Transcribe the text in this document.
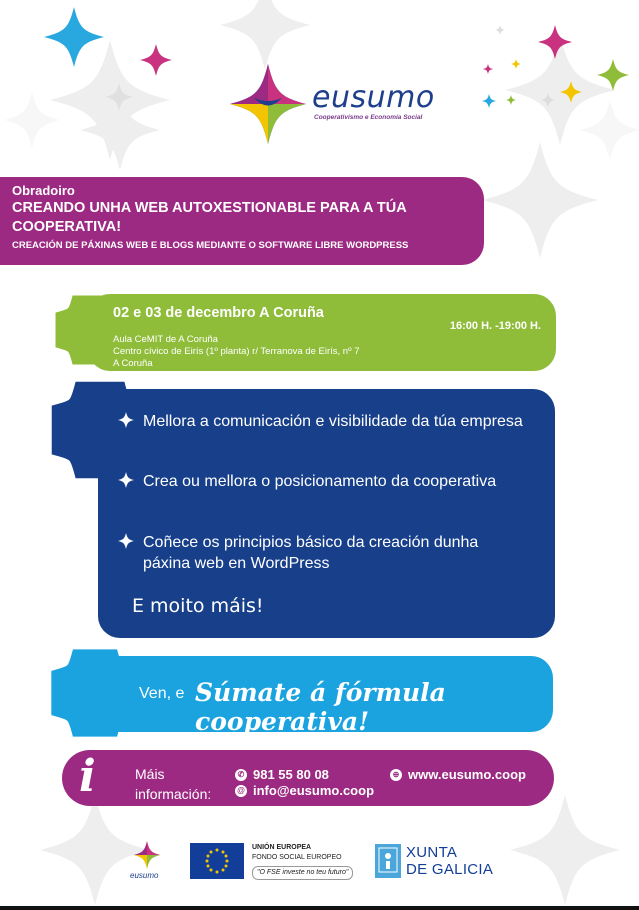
eusumo
Cooperativismo e Economía Social
Obradoiro
CREANDO UNHA WEB AUTOXESTIONABLE PARA A TÚA COOPERATIVA!
CREACIÓN DE PÁXINAS WEB E BLOGS MEDIANTE O SOFTWARE LIBRE WORDPRESS
02 e 03 de decembro A Coruña
16:00 H. -19:00 H.
Aula CeMIT de A Coruña
Centro cívico de Eirís (1º planta) r/ Terranova de Eirís, nº 7
A Coruña
Mellora a comunicación e visibilidade da túa empresa
Crea ou mellora o posicionamento da cooperativa
Coñece os principios básico da creación dunha páxina web en WordPress
E moito máis!
Ven, e Súmate á fórmula cooperativa!
i	Máis
información:
✆ 981 55 80 08
@ info@eusumo.coop
⊕ www.eusumo.coop
eusumo
UNIÓN EUROPEA
FONDO SOCIAL EUROPEO
"O FSE investe no teu futuro"
XUNTA
DE GALICIA
